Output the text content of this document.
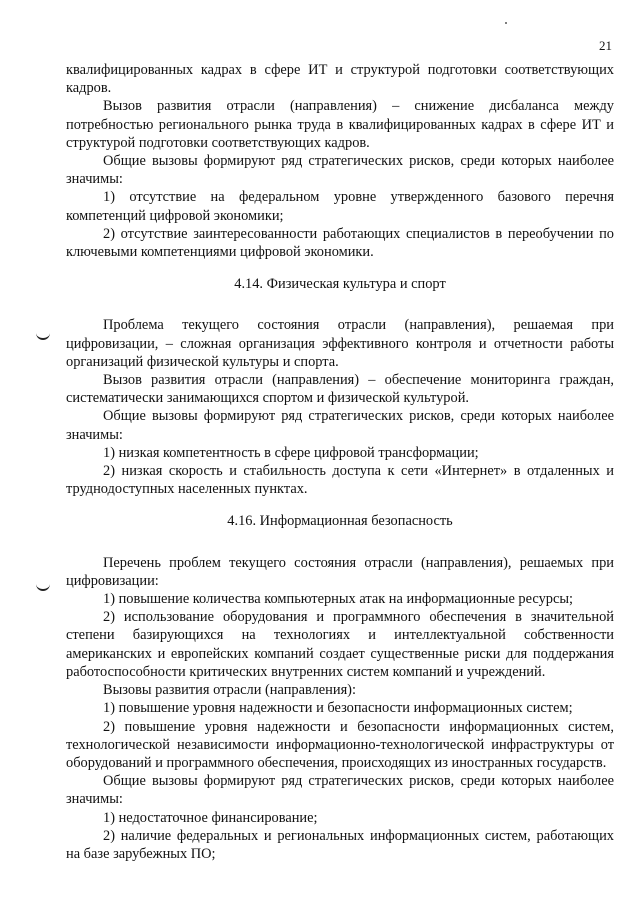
21

квалифицированных кадрах в сфере ИТ и структурой подготовки соответствующих кадров.

Вызов развития отрасли (направления) – снижение дисбаланса между потребностью регионального рынка труда в квалифицированных кадрах в сфере ИТ и структурой подготовки соответствующих кадров.

Общие вызовы формируют ряд стратегических рисков, среди которых наиболее значимы:

1) отсутствие на федеральном уровне утвержденного базового перечня компетенций цифровой экономики;

2) отсутствие заинтересованности работающих специалистов в переобучении по ключевыми компетенциями цифровой экономики.

4.14. Физическая культура и спорт

Проблема текущего состояния отрасли (направления), решаемая при цифровизации, – сложная организация эффективного контроля и отчетности работы организаций физической культуры и спорта.

Вызов развития отрасли (направления) – обеспечение мониторинга граждан, систематически занимающихся спортом и физической культурой.

Общие вызовы формируют ряд стратегических рисков, среди которых наиболее значимы:

1) низкая компетентность в сфере цифровой трансформации;

2) низкая скорость и стабильность доступа к сети «Интернет» в отдаленных и труднодоступных населенных пунктах.

4.16. Информационная безопасность

Перечень проблем текущего состояния отрасли (направления), решаемых при цифровизации:

1) повышение количества компьютерных атак на информационные ресурсы;

2) использование оборудования и программного обеспечения в значительной степени базирующихся на технологиях и интеллектуальной собственности американских и европейских компаний создает существенные риски для поддержания работоспособности критических внутренних систем компаний и учреждений.

Вызовы развития отрасли (направления):

1) повышение уровня надежности и безопасности информационных систем;

2) повышение уровня надежности и безопасности информационных систем, технологической независимости информационно-технологической инфраструктуры от оборудований и программного обеспечения, происходящих из иностранных государств.

Общие вызовы формируют ряд стратегических рисков, среди которых наиболее значимы:

1) недостаточное финансирование;

2) наличие федеральных и региональных информационных систем, работающих на базе зарубежных ПО;
